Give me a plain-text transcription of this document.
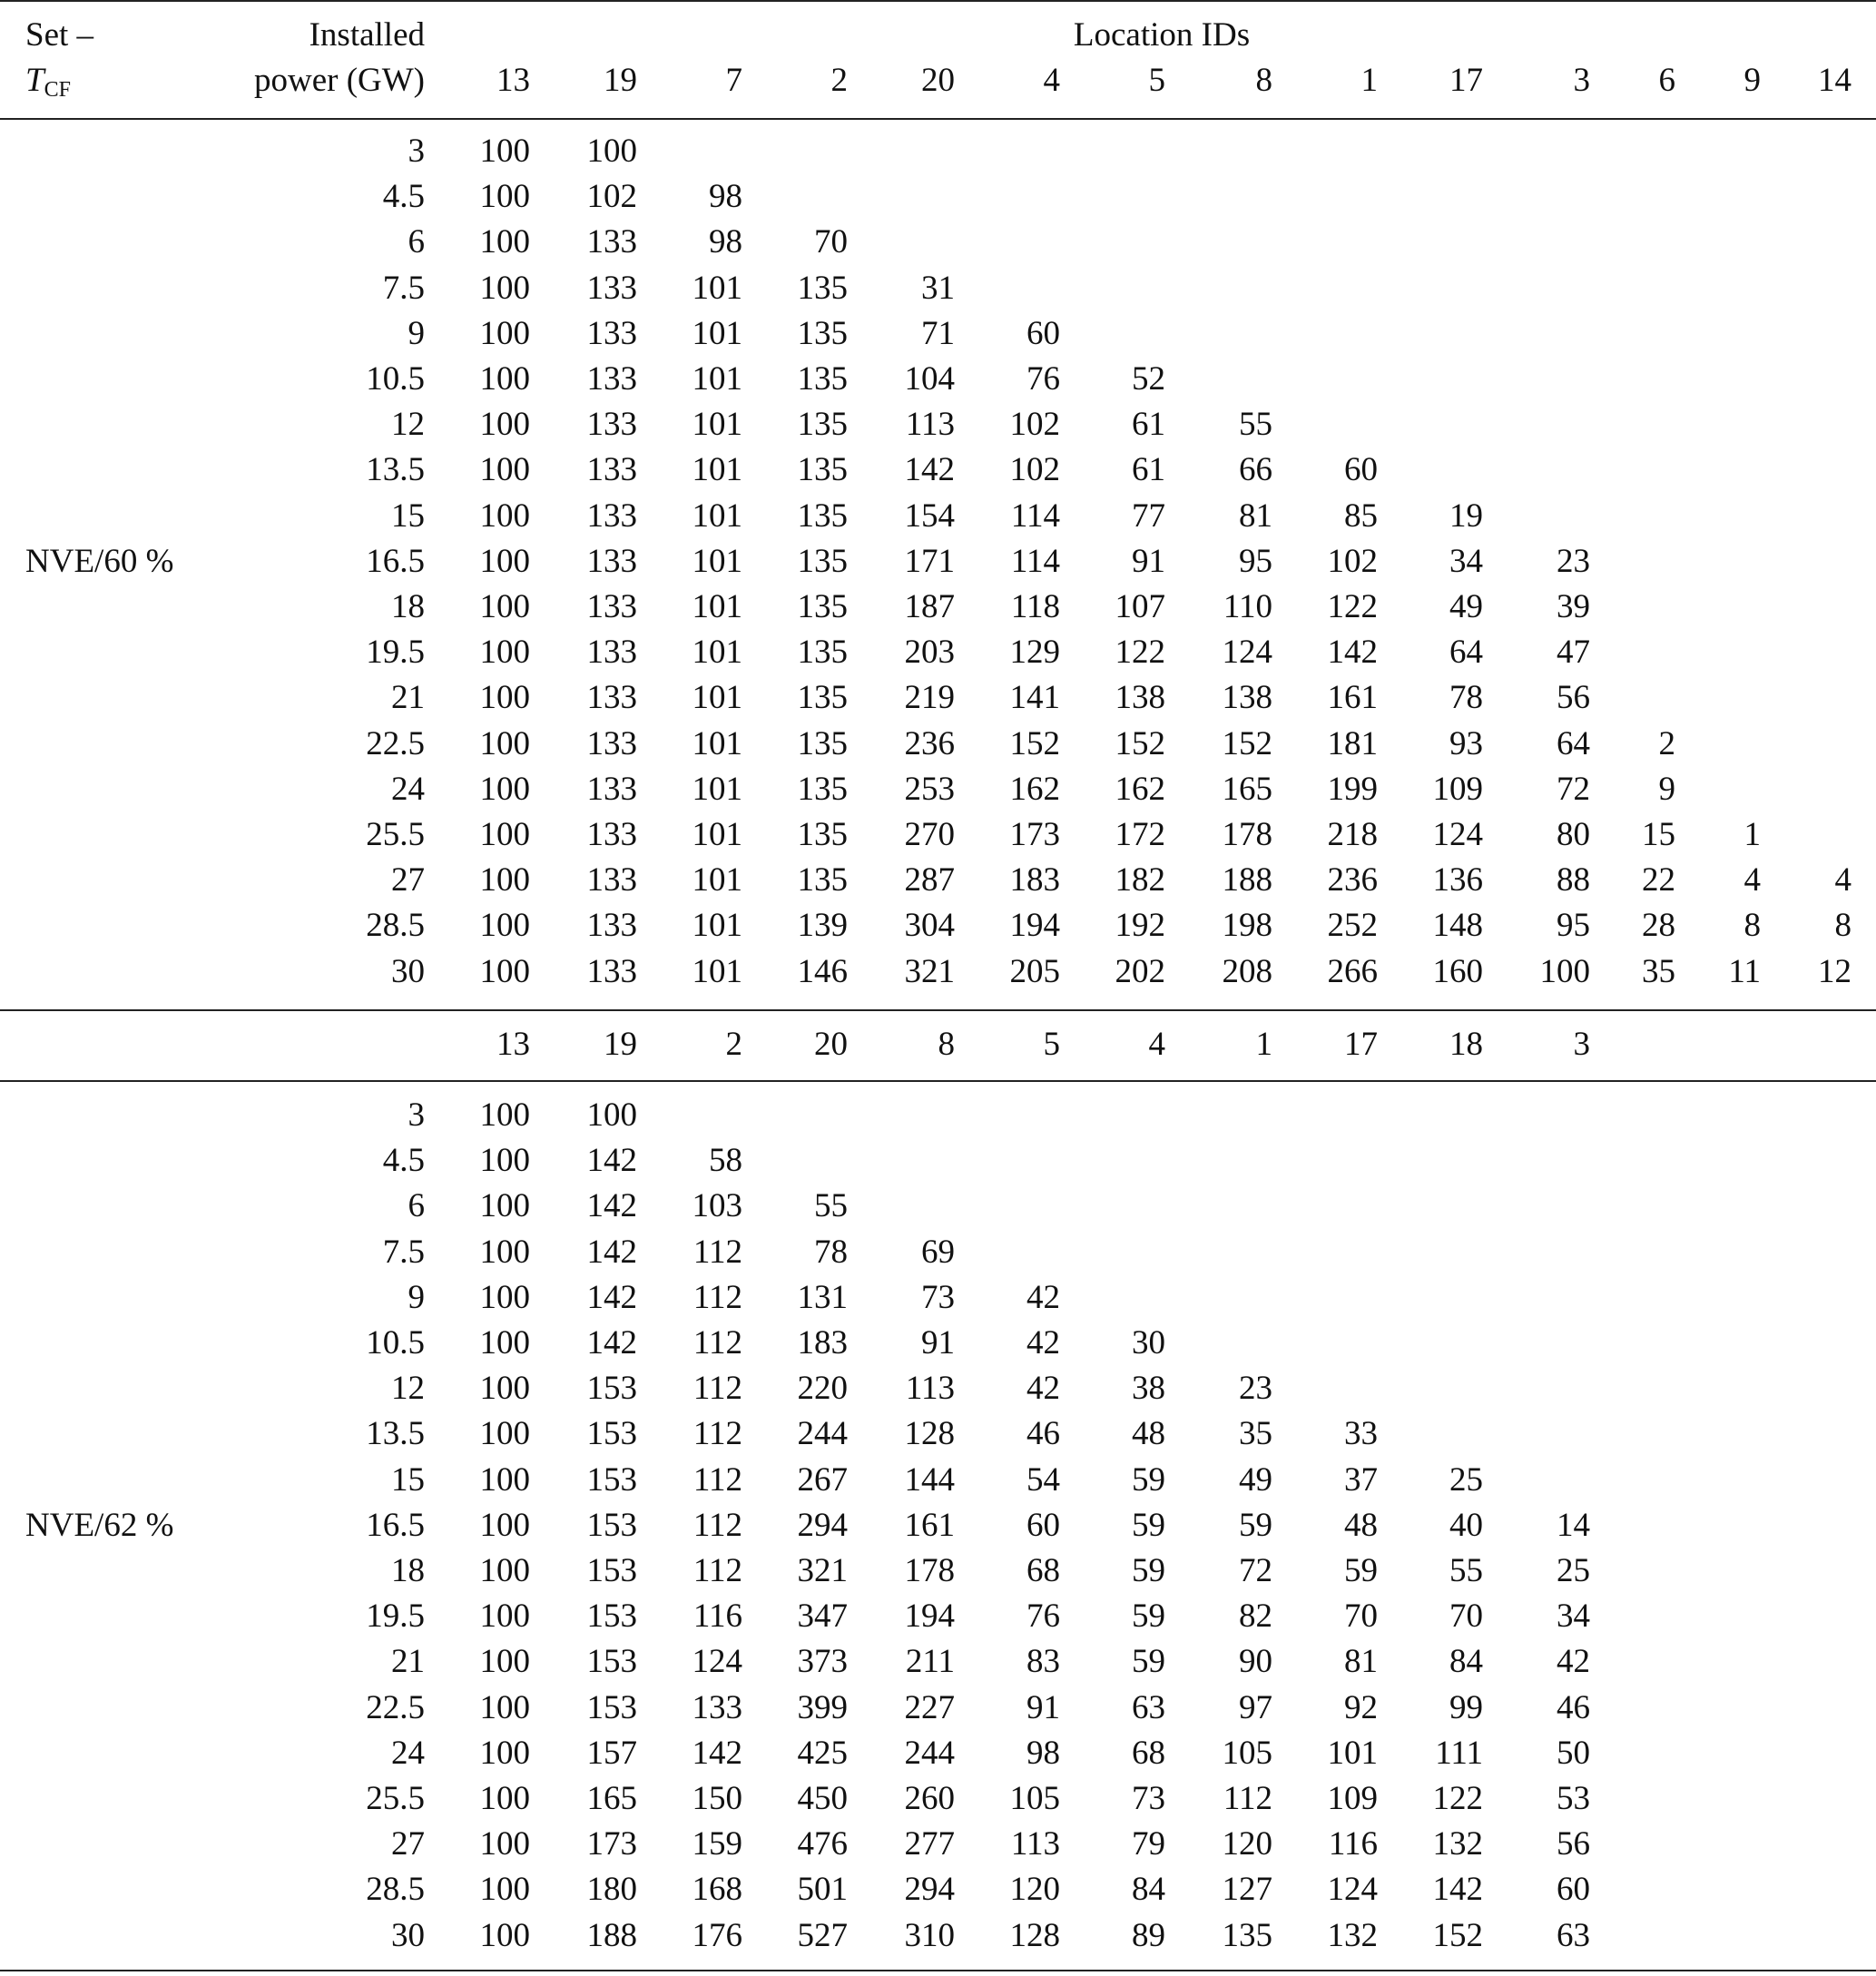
Set –
$T_{CF}$
Installed
power (GW)
Location IDs
13	19	7	2	20	4	5	8	1	17	3	6	9	14
3	100	100
4.5	100	102	98
6	100	133	98	70
7.5	100	133	101	135	31
9	100	133	101	135	71	60
10.5	100	133	101	135	104	76	52
12	100	133	101	135	113	102	61	55
13.5	100	133	101	135	142	102	61	66	60
15	100	133	101	135	154	114	77	81	85	19
16.5	100	133	101	135	171	114	91	95	102	34	23
18	100	133	101	135	187	118	107	110	122	49	39
19.5	100	133	101	135	203	129	122	124	142	64	47
21	100	133	101	135	219	141	138	138	161	78	56
22.5	100	133	101	135	236	152	152	152	181	93	64	2
24	100	133	101	135	253	162	162	165	199	109	72	9
25.5	100	133	101	135	270	173	172	178	218	124	80	15	1
27	100	133	101	135	287	183	182	188	236	136	88	22	4	4
28.5	100	133	101	139	304	194	192	198	252	148	95	28	8	8
30	100	133	101	146	321	205	202	208	266	160	100	35	11	12
NVE/60 %
13	19	2	20	8	5	4	1	17	18	3
3	100	100
4.5	100	142	58
6	100	142	103	55
7.5	100	142	112	78	69
9	100	142	112	131	73	42
10.5	100	142	112	183	91	42	30
12	100	153	112	220	113	42	38	23
13.5	100	153	112	244	128	46	48	35	33
15	100	153	112	267	144	54	59	49	37	25
16.5	100	153	112	294	161	60	59	59	48	40	14
18	100	153	112	321	178	68	59	72	59	55	25
19.5	100	153	116	347	194	76	59	82	70	70	34
21	100	153	124	373	211	83	59	90	81	84	42
22.5	100	153	133	399	227	91	63	97	92	99	46
24	100	157	142	425	244	98	68	105	101	111	50
25.5	100	165	150	450	260	105	73	112	109	122	53
27	100	173	159	476	277	113	79	120	116	132	56
28.5	100	180	168	501	294	120	84	127	124	142	60
30	100	188	176	527	310	128	89	135	132	152	63
NVE/62 %
